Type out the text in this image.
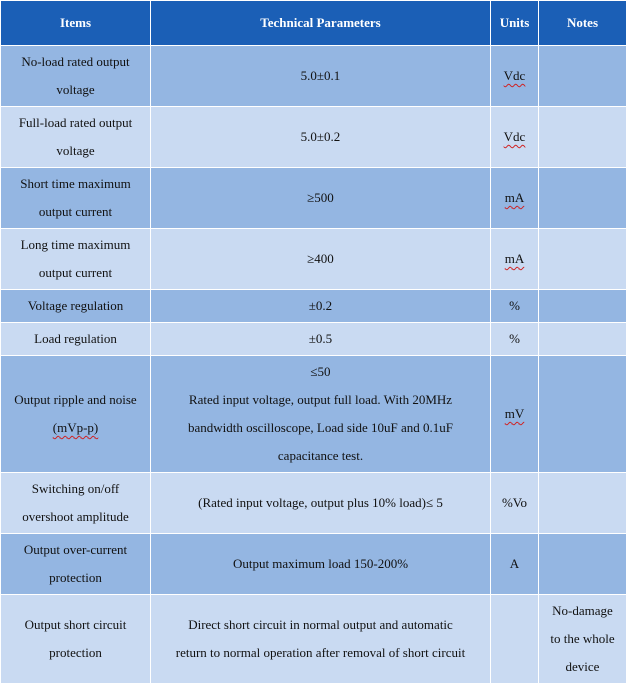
Items	Technical Parameters	Units	Notes

No-load rated output
voltage	5.0±0.1	Vdc	

Full-load rated output
voltage	5.0±0.2	Vdc	

Short time maximum
output current	≥500	mA	

Long time maximum
output current	≥400	mA	
Voltage regulation	±0.2	%	
Load regulation	±0.5	%	

Output ripple and noise
(mVp-p)	≤50
Rated input voltage, output full load. With 20MHz
bandwidth oscilloscope, Load side 10uF and 0.1uF
capacitance test.	mV	

Switching on/off
overshoot amplitude	(Rated input voltage, output plus 10% load)≤ 5	%Vo	

Output over-current
protection	Output maximum load 150-200%	A	

Output short circuit
protection	Direct short circuit in normal output and automatic
return to normal operation after removal of short circuit		No-damage
to the whole
device
